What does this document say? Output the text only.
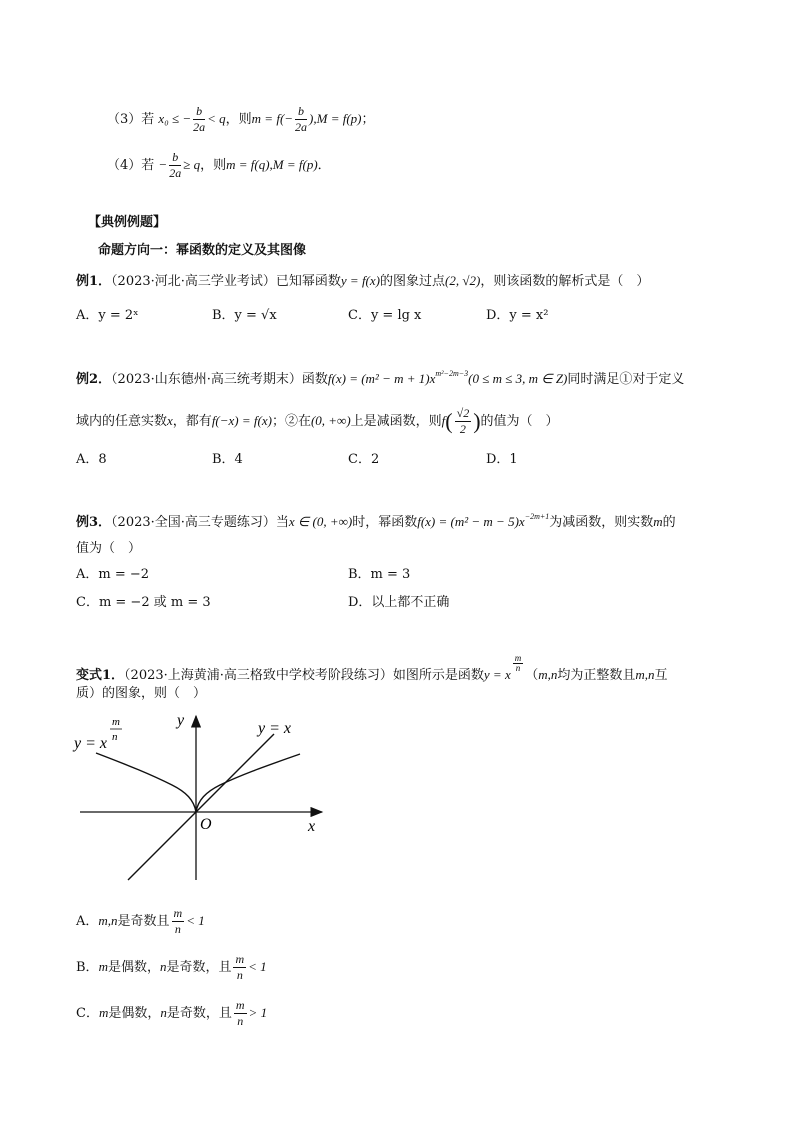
（3）若 x₀ ≤ − $\frac{b}{2a} < q$，则$m = f(- \frac{b}{2a} ),M = f(p)$；
（4）若 − $\frac{b}{2a} \ge q$，则m = f(q),M = f(p)．
【典例例题】
命题方向一：幂函数的定义及其图像
例1．（2023·河北·高三学业考试）已知幂函数y = f(x)的图象过点(2, √2)，则该函数的解析式是（　）
A．y = 2ˣ	B．y = √x	C．y = lg x	D．y = x²
例2．（2023·山东德州·高三统考期末）函数$f(x) = (m^2 - m + 1)x^{m^2-2m-3}(0 \le m \le 3$, m ∈ Z)同时满足①对于定义
域内的任意实数x，都有f(−x) = f(x)；②在(0, +∞)上是减函数，则$f( \frac{√2}{2}$ )的值为（　）
A．8	B．4	C．2	D．1
例3．（2023·全国·高三专题练习）当x ∈ (0, +∞)时，幂函数$f(x) = (m^2 - m - 5)x^{-2m+1}$为减函数，则实数m的
值为（　）
A．m = −2	B．m = 3
C．m = −2 或 m = 3	D．以上都不正确
变式1．（2023·上海黄浦·高三格致中学校考阶段练习）如图所示是函数y = x
$\frac{m}{n}$
（m,n均为正整数且m,n互
质）的图象，则（　）
y = x
m
n	y = x
y
x
O
A．m,n是奇数且 $\frac{m}{n} < 1$
B．m是偶数，n是奇数，且 $\frac{m}{n} < 1$
C．m是偶数，n是奇数，且 $\frac{m}{n} > 1$
